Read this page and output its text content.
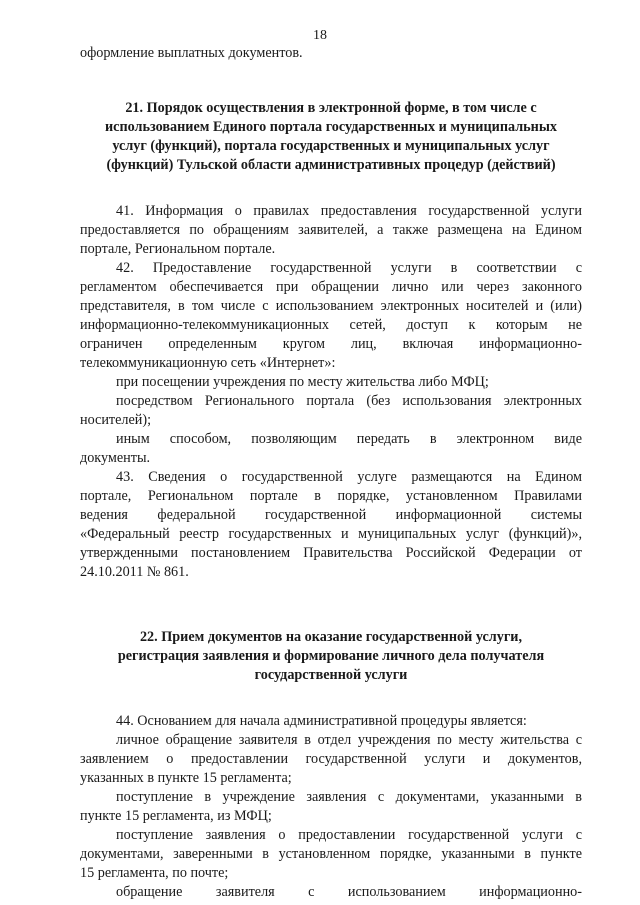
18
оформление выплатных документов.
21. Порядок осуществления в электронной форме, в том числе с
использованием Единого портала государственных и муниципальных
услуг (функций), портала государственных и муниципальных услуг
(функций) Тульской области административных процедур (действий)
41. Информация о правилах предоставления государственной услуги
предоставляется по обращениям заявителей, а также размещена на Едином
портале, Региональном портале.
42. Предоставление государственной услуги в соответствии с
регламентом обеспечивается при обращении лично или через законного
представителя, в том числе с использованием электронных носителей и (или)
информационно-телекоммуникационных сетей, доступ к которым не
ограничен определенным кругом лиц, включая информационно-
телекоммуникационную сеть «Интернет»:
при посещении учреждения по месту жительства либо МФЦ;
посредством Регионального портала (без использования электронных
носителей);
иным способом, позволяющим передать в электронном виде
документы.
43. Сведения о государственной услуге размещаются на Едином
портале, Региональном портале в порядке, установленном Правилами
ведения федеральной государственной информационной системы
«Федеральный реестр государственных и муниципальных услуг (функций)»,
утвержденными постановлением Правительства Российской Федерации от
24.10.2011 № 861.
22. Прием документов на оказание государственной услуги,
регистрация заявления и формирование личного дела получателя
государственной услуги
44. Основанием для начала административной процедуры является:
личное обращение заявителя в отдел учреждения по месту жительства с
заявлением о предоставлении государственной услуги и документов,
указанных в пункте 15 регламента;
поступление в учреждение заявления с документами, указанными в
пункте 15 регламента, из МФЦ;
поступление заявления о предоставлении государственной услуги с
документами, заверенными в установленном порядке, указанными в пункте
15 регламента, по почте;
обращение заявителя с использованием информационно-
